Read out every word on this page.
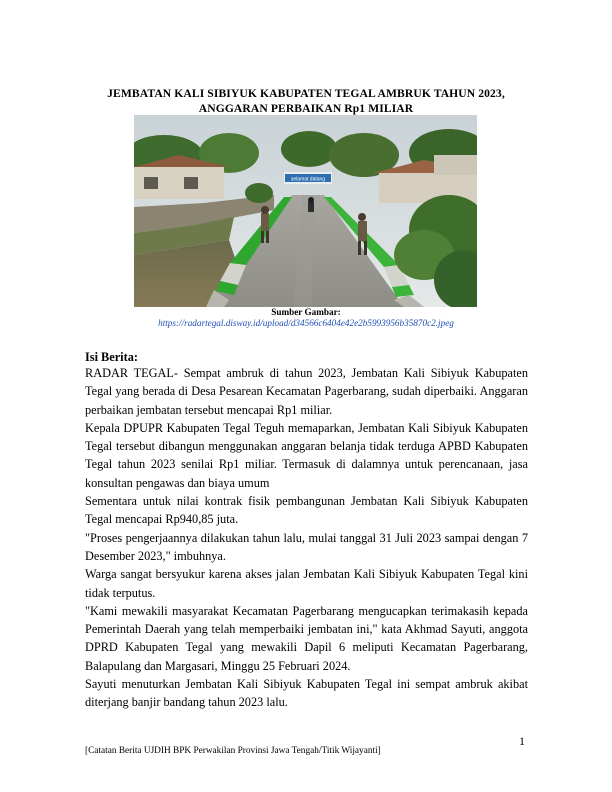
JEMBATAN KALI SIBIYUK KABUPATEN TEGAL AMBRUK TAHUN 2023,
ANGGARAN PERBAIKAN Rp1 MILIAR
selamat datang
Sumber Gambar:
https://radartegal.disway.id/upload/d34566c6404e42e2b5993956b35870c2.jpeg
Isi Berita:

RADAR TEGAL- Sempat ambruk di tahun 2023, Jembatan Kali Sibiyuk Kabupaten Tegal yang berada di Desa Pesarean Kecamatan Pagerbarang, sudah diperbaiki. Anggaran perbaikan jembatan tersebut mencapai Rp1 miliar.

Kepala DPUPR Kabupaten Tegal Teguh memaparkan, Jembatan Kali Sibiyuk Kabupaten Tegal tersebut dibangun menggunakan anggaran belanja tidak terduga APBD Kabupaten Tegal tahun 2023 senilai Rp1 miliar. Termasuk di dalamnya untuk perencanaan, jasa konsultan pengawas dan biaya umum

Sementara untuk nilai kontrak fisik pembangunan Jembatan Kali Sibiyuk Kabupaten Tegal mencapai Rp940,85 juta.

"Proses pengerjaannya dilakukan tahun lalu, mulai tanggal 31 Juli 2023 sampai dengan 7 Desember 2023," imbuhnya.

Warga sangat bersyukur karena akses jalan Jembatan Kali Sibiyuk Kabupaten Tegal kini tidak terputus.

"Kami mewakili masyarakat Kecamatan Pagerbarang mengucapkan terimakasih kepada Pemerintah Daerah yang telah memperbaiki jembatan ini," kata Akhmad Sayuti, anggota DPRD Kabupaten Tegal yang mewakili Dapil 6 meliputi Kecamatan Pagerbarang, Balapulang dan Margasari, Minggu 25 Februari 2024.

Sayuti menuturkan Jembatan Kali Sibiyuk Kabupaten Tegal ini sempat ambruk akibat diterjang banjir bandang tahun 2023 lalu.

1
[Catatan Berita UJDIH BPK Perwakilan Provinsi Jawa Tengah/Titik Wijayanti]
